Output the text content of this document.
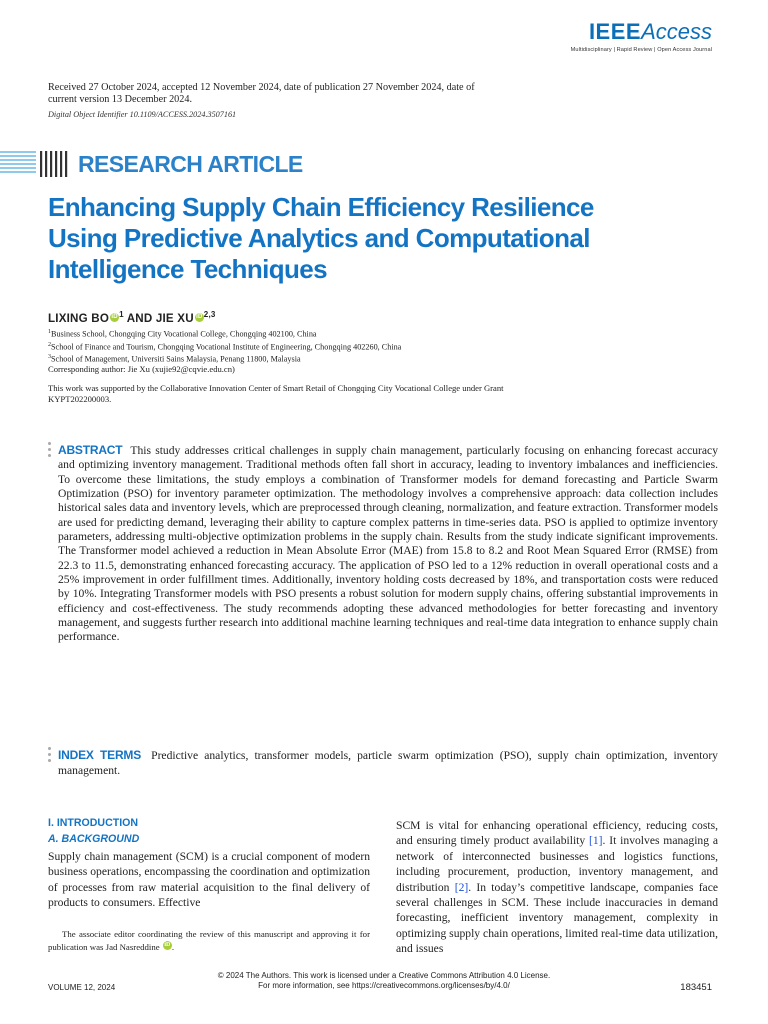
IEEEAccess
Multidisciplinary | Rapid Review | Open Access Journal
Received 27 October 2024, accepted 12 November 2024, date of publication 27 November 2024, date of current version 13 December 2024.
Digital Object Identifier 10.1109/ACCESS.2024.3507161
RESEARCH ARTICLE
Enhancing Supply Chain Efficiency Resilience Using Predictive Analytics and Computational Intelligence Techniques
LIXING BO $iD^1$ AND JIE XU iD$^{2,3}$
$^1$Business School, Chongqing City Vocational College, Chongqing 402100, China
$^2$School of Finance and Tourism, Chongqing Vocational Institute of Engineering, Chongqing 402260, China
$^3$School of Management, Universiti Sains Malaysia, Penang 11800, Malaysia
Corresponding author: Jie Xu (xujie92@cqvie.edu.cn)
This work was supported by the Collaborative Innovation Center of Smart Retail of Chongqing City Vocational College under Grant KYPT202200003.
ABSTRACT This study addresses critical challenges in supply chain management, particularly focusing on enhancing forecast accuracy and optimizing inventory management. Traditional methods often fall short in accuracy, leading to inventory imbalances and inefficiencies. To overcome these limitations, the study employs a combination of Transformer models for demand forecasting and Particle Swarm Optimization (PSO) for inventory parameter optimization. The methodology involves a comprehensive approach: data collection includes historical sales data and inventory levels, which are preprocessed through cleaning, normalization, and feature extraction. Transformer models are used for predicting demand, leveraging their ability to capture complex patterns in time-series data. PSO is applied to optimize inventory parameters, addressing multi-objective optimization problems in the supply chain. Results from the study indicate significant improvements. The Transformer model achieved a reduction in Mean Absolute Error (MAE) from 15.8 to 8.2 and Root Mean Squared Error (RMSE) from 22.3 to 11.5, demonstrating enhanced forecasting accuracy. The application of PSO led to a 12% reduction in overall operational costs and a 25% improvement in order fulfillment times. Additionally, inventory holding costs decreased by 18%, and transportation costs were reduced by 10%. Integrating Transformer models with PSO presents a robust solution for modern supply chains, offering substantial improvements in efficiency and cost-effectiveness. The study recommends adopting these advanced methodologies for better forecasting and inventory management, and suggests further research into additional machine learning techniques and real-time data integration to enhance supply chain performance.
INDEX TERMS Predictive analytics, transformer models, particle swarm optimization (PSO), supply chain optimization, inventory management.
I. INTRODUCTION
A. BACKGROUND
Supply chain management (SCM) is a crucial component of modern business operations, encompassing the coordination and optimization of processes from raw material acquisition to the final delivery of products to consumers. Effective
The associate editor coordinating the review of this manuscript and approving it for publication was Jad Nasreddine iD .
SCM is vital for enhancing operational efficiency, reducing costs, and ensuring timely product availability [1]. It involves managing a network of interconnected businesses and logistics functions, including procurement, production, inventory management, and distribution [2]. In today’s competitive landscape, companies face several challenges in SCM. These include inaccuracies in demand forecasting, inefficient inventory management, complexity in optimizing supply chain operations, limited real-time data utilization, and issues
© 2024 The Authors. This work is licensed under a Creative Commons Attribution 4.0 License.
For more information, see https://creativecommons.org/licenses/by/4.0/
VOLUME 12, 2024	183451
